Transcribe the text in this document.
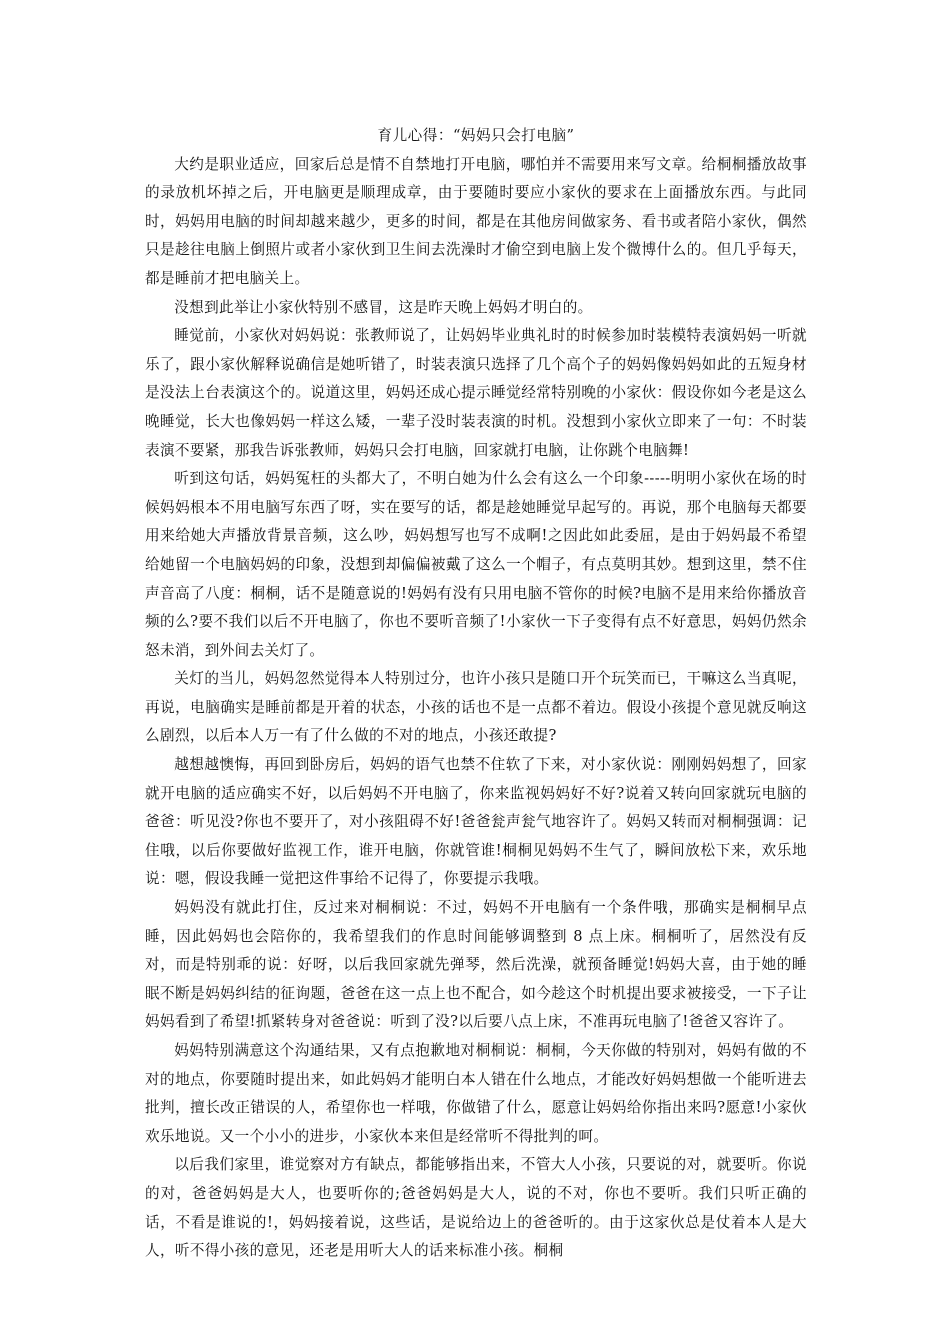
育儿心得：“妈妈只会打电脑”

大约是职业适应，回家后总是情不自禁地打开电脑，哪怕并不需要用来写文章。给桐桐播放故事的录放机坏掉之后，开电脑更是顺理成章，由于要随时要应小家伙的要求在上面播放东西。与此同时，妈妈用电脑的时间却越来越少，更多的时间，都是在其他房间做家务、看书或者陪小家伙，偶然只是趁往电脑上倒照片或者小家伙到卫生间去洗澡时才偷空到电脑上发个微博什么的。但几乎每天，都是睡前才把电脑关上。

没想到此举让小家伙特别不感冒，这是昨天晚上妈妈才明白的。

睡觉前，小家伙对妈妈说：张教师说了，让妈妈毕业典礼时的时候参加时装模特表演妈妈一听就乐了，跟小家伙解释说确信是她听错了，时装表演只选择了几个高个子的妈妈像妈妈如此的五短身材是没法上台表演这个的。说道这里，妈妈还成心提示睡觉经常特别晚的小家伙：假设你如今老是这么晚睡觉，长大也像妈妈一样这么矮，一辈子没时装表演的时机。没想到小家伙立即来了一句：不时装表演不要紧，那我告诉张教师，妈妈只会打电脑，回家就打电脑，让你跳个电脑舞!

听到这句话，妈妈冤枉的头都大了，不明白她为什么会有这么一个印象-----明明小家伙在场的时候妈妈根本不用电脑写东西了呀，实在要写的话，都是趁她睡觉早起写的。再说，那个电脑每天都要用来给她大声播放背景音频，这么吵，妈妈想写也写不成啊!之因此如此委屈，是由于妈妈最不希望给她留一个电脑妈妈的印象，没想到却偏偏被戴了这么一个帽子，有点莫明其妙。想到这里，禁不住声音高了八度：桐桐，话不是随意说的!妈妈有没有只用电脑不管你的时候?电脑不是用来给你播放音频的么?要不我们以后不开电脑了，你也不要听音频了!小家伙一下子变得有点不好意思，妈妈仍然余怒未消，到外间去关灯了。

关灯的当儿，妈妈忽然觉得本人特别过分，也许小孩只是随口开个玩笑而已，干嘛这么当真呢，再说，电脑确实是睡前都是开着的状态，小孩的话也不是一点都不着边。假设小孩提个意见就反响这么剧烈，以后本人万一有了什么做的不对的地点，小孩还敢提?

越想越懊悔，再回到卧房后，妈妈的语气也禁不住软了下来，对小家伙说：刚刚妈妈想了，回家就开电脑的适应确实不好，以后妈妈不开电脑了，你来监视妈妈好不好?说着又转向回家就玩电脑的爸爸：听见没?你也不要开了，对小孩阻碍不好!爸爸瓮声瓮气地容许了。妈妈又转而对桐桐强调：记住哦，以后你要做好监视工作，谁开电脑，你就管谁!桐桐见妈妈不生气了，瞬间放松下来，欢乐地说：嗯，假设我睡一觉把这件事给不记得了，你要提示我哦。

妈妈没有就此打住，反过来对桐桐说：不过，妈妈不开电脑有一个条件哦，那确实是桐桐早点睡，因此妈妈也会陪你的，我希望我们的作息时间能够调整到 8 点上床。桐桐听了，居然没有反对，而是特别乖的说：好呀，以后我回家就先弹琴，然后洗澡，就预备睡觉!妈妈大喜，由于她的睡眠不断是妈妈纠结的征询题，爸爸在这一点上也不配合，如今趁这个时机提出要求被接受，一下子让妈妈看到了希望!抓紧转身对爸爸说：听到了没?以后要八点上床，不准再玩电脑了!爸爸又容许了。

妈妈特别满意这个沟通结果，又有点抱歉地对桐桐说：桐桐，今天你做的特别对，妈妈有做的不对的地点，你要随时提出来，如此妈妈才能明白本人错在什么地点，才能改好妈妈想做一个能听进去批判，擅长改正错误的人，希望你也一样哦，你做错了什么，愿意让妈妈给你指出来吗?愿意!小家伙欢乐地说。又一个小小的进步，小家伙本来但是经常听不得批判的呵。

以后我们家里，谁觉察对方有缺点，都能够指出来，不管大人小孩，只要说的对，就要听。你说的对，爸爸妈妈是大人，也要听你的;爸爸妈妈是大人，说的不对，你也不要听。我们只听正确的话，不看是谁说的!，妈妈接着说，这些话，是说给边上的爸爸听的。由于这家伙总是仗着本人是大人，听不得小孩的意见，还老是用听大人的话来标准小孩。桐桐
